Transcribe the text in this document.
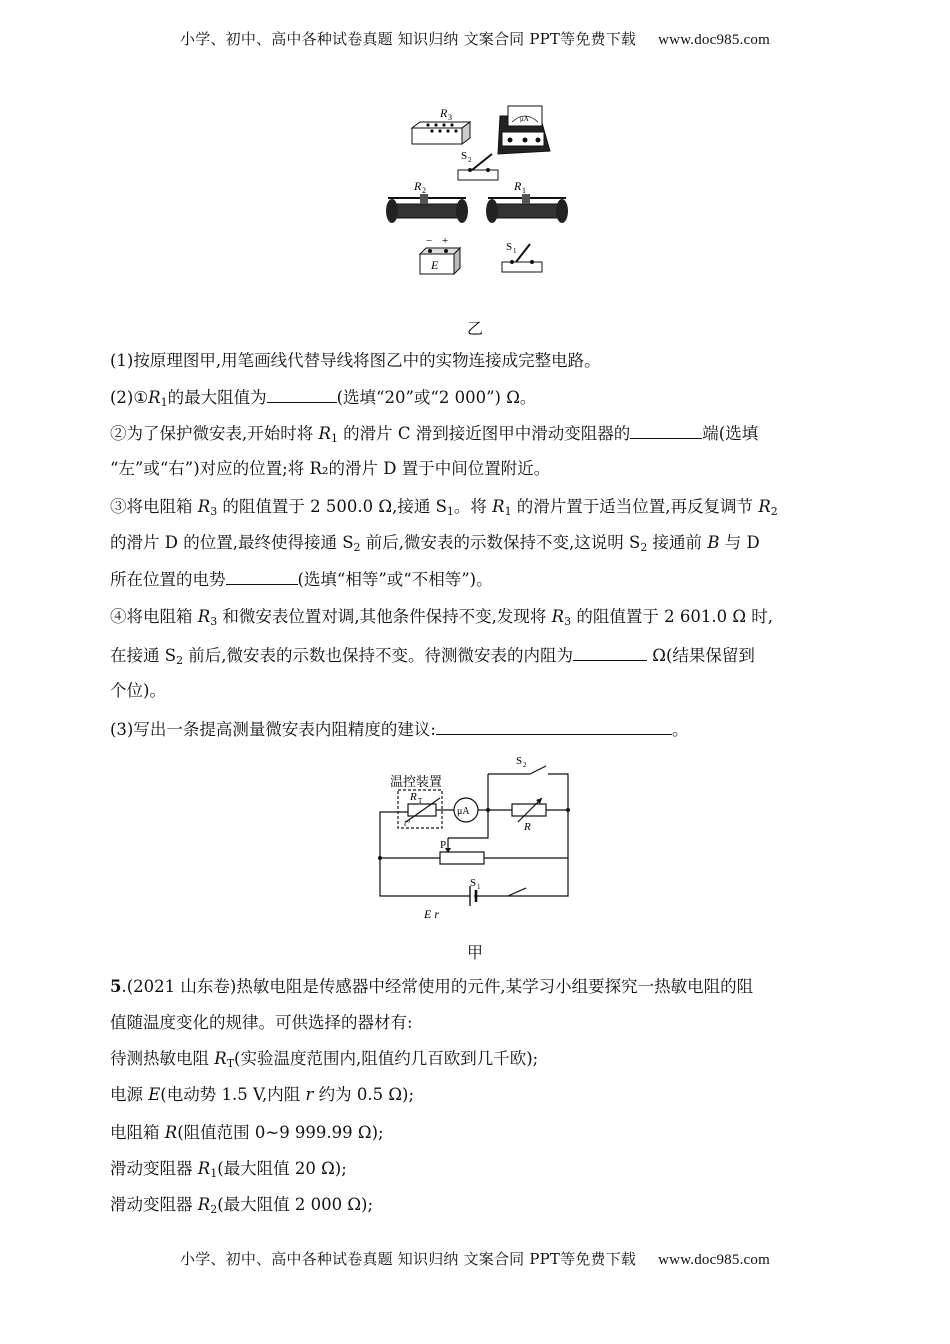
小学、初中、高中各种试卷真题 知识归纳 文案合同 PPT等免费下载 www.doc985.com
R 3	μA
S 2
R 2	R 1
− +
E
S 1
乙
(1)按原理图甲,用笔画线代替导线将图乙中的实物连接成完整电路。
$(2)①R_1$的最大阻值为	(选填“20”或“2 000”) Ω。
②为了保护微安表,开始时将 $R_1$ 的滑片 C 滑到接近图甲中滑动变阻器的	端(选填
“左”或“右”)对应的位置;将 R₂的滑片 D 置于中间位置附近。
③将电阻箱 $R_3$ 的阻值置于 2 500.0 Ω,接通 $S_1$。将 $R_1$ 的滑片置于适当位置,再反复调节 $R_2$
的滑片 D 的位置,最终使得接通 $S_2$ 前后,微安表的示数保持不变,这说明 $S_2$ 接通前 B 与 D
所在位置的电势	(选填“相等”或“不相等”)。
④将电阻箱 $R_3$ 和微安表位置对调,其他条件保持不变,发现将 $R_3$ 的阻值置于 2 601.0 Ω 时,
在接通 $S_2$ 前后,微安表的示数也保持不变。待测微安表的内阻为	Ω(结果保留到
个位)。
(3)写出一条提高测量微安表内阻精度的建议:	。
温控装置
S 2
R T
t°
μA
R
P
S 1
E r
甲
5.(2021 山东卷)热敏电阻是传感器中经常使用的元件,某学习小组要探究一热敏电阻的阻
值随温度变化的规律。可供选择的器材有:
待测热敏电阻 $R_T$(实验温度范围内,阻值约几百欧到几千欧);
电源 E(电动势 1.5 V,内阻 r 约为 0.5 Ω);
电阻箱 R(阻值范围 0~9 999.99 Ω);
滑动变阻器 $R_1$(最大阻值 20 Ω);
滑动变阻器 $R_2$(最大阻值 2 000 Ω);
小学、初中、高中各种试卷真题 知识归纳 文案合同 PPT等免费下载 www.doc985.com
